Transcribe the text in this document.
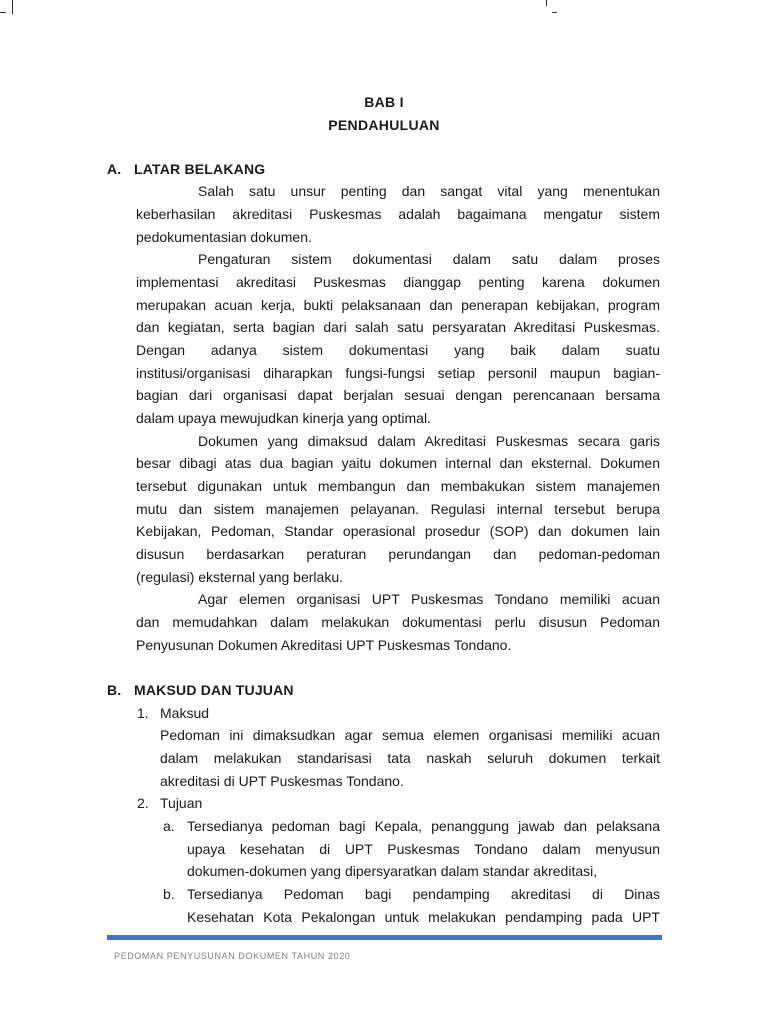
BAB I
PENDAHULUAN
A. LATAR BELAKANG
Salah satu unsur penting dan sangat vital yang menentukan
keberhasilan akreditasi Puskesmas adalah bagaimana mengatur sistem
pedokumentasian dokumen.
Pengaturan sistem dokumentasi dalam satu dalam proses
implementasi akreditasi Puskesmas dianggap penting karena dokumen
merupakan acuan kerja, bukti pelaksanaan dan penerapan kebijakan, program
dan kegiatan, serta bagian dari salah satu persyaratan Akreditasi Puskesmas.
Dengan adanya sistem dokumentasi yang baik dalam suatu
institusi/organisasi diharapkan fungsi-fungsi setiap personil maupun bagian-
bagian dari organisasi dapat berjalan sesuai dengan perencanaan bersama
dalam upaya mewujudkan kinerja yang optimal.
Dokumen yang dimaksud dalam Akreditasi Puskesmas secara garis
besar dibagi atas dua bagian yaitu dokumen internal dan eksternal. Dokumen
tersebut digunakan untuk membangun dan membakukan sistem manajemen
mutu dan sistem manajemen pelayanan. Regulasi internal tersebut berupa
Kebijakan, Pedoman, Standar operasional prosedur (SOP) dan dokumen lain
disusun berdasarkan peraturan perundangan dan pedoman-pedoman
(regulasi) eksternal yang berlaku.
Agar elemen organisasi UPT Puskesmas Tondano memiliki acuan
dan memudahkan dalam melakukan dokumentasi perlu disusun Pedoman
Penyusunan Dokumen Akreditasi UPT Puskesmas Tondano.
B. MAKSUD DAN TUJUAN
1. Maksud
Pedoman ini dimaksudkan agar semua elemen organisasi memiliki acuan
dalam melakukan standarisasi tata naskah seluruh dokumen terkait
akreditasi di UPT Puskesmas Tondano.
2. Tujuan
a. Tersedianya pedoman bagi Kepala, penanggung jawab dan pelaksana
upaya kesehatan di UPT Puskesmas Tondano dalam menyusun
dokumen-dokumen yang dipersyaratkan dalam standar akreditasi,
b. Tersedianya Pedoman bagi pendamping akreditasi di Dinas
Kesehatan Kota Pekalongan untuk melakukan pendamping pada UPT
PEDOMAN PENYUSUNAN DOKUMEN TAHUN 2020
